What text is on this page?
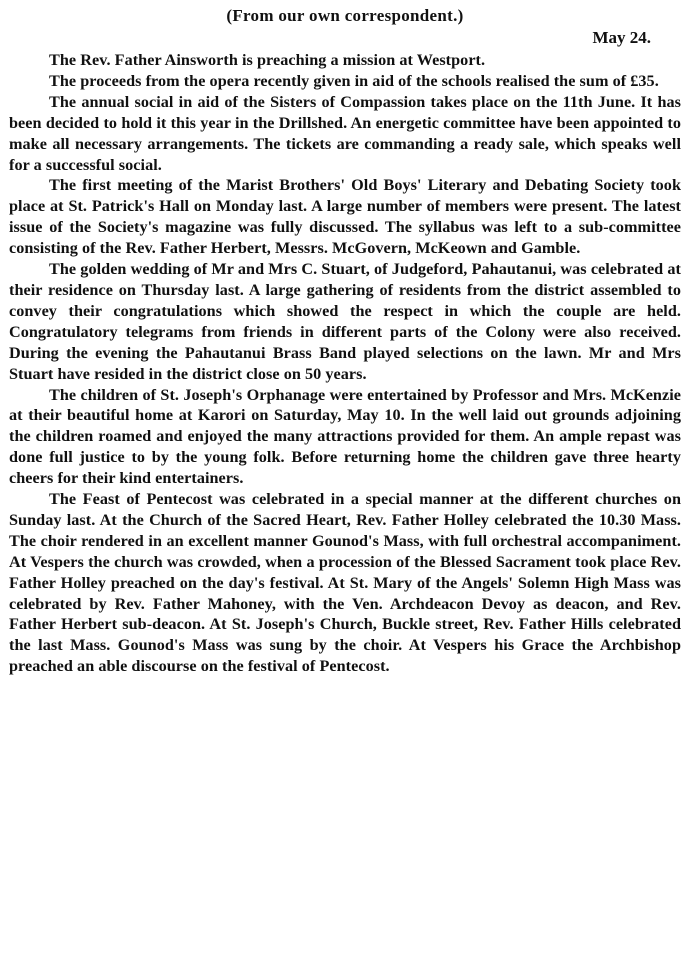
(From our own correspondent.)

May 24.

The Rev. Father Ainsworth is preaching a mission at Westport.

The proceeds from the opera recently given in aid of the schools realised the sum of £35.

The annual social in aid of the Sisters of Compassion takes place on the 11th June. It has been decided to hold it this year in the Drillshed. An energetic committee have been appointed to make all necessary arrangements. The tickets are commanding a ready sale, which speaks well for a successful social.

The first meeting of the Marist Brothers' Old Boys' Literary and Debating Society took place at St. Patrick's Hall on Monday last. A large number of members were present. The latest issue of the Society's magazine was fully discussed. The syllabus was left to a sub-committee consisting of the Rev. Father Herbert, Messrs. McGovern, McKeown and Gamble.

The golden wedding of Mr and Mrs C. Stuart, of Judgeford, Pahautanui, was celebrated at their residence on Thursday last. A large gathering of residents from the district assembled to convey their congratulations which showed the respect in which the couple are held. Congratulatory telegrams from friends in different parts of the Colony were also received. During the evening the Pahautanui Brass Band played selections on the lawn. Mr and Mrs Stuart have resided in the district close on 50 years.

The children of St. Joseph's Orphanage were entertained by Professor and Mrs. McKenzie at their beautiful home at Karori on Saturday, May 10. In the well laid out grounds adjoining the children roamed and enjoyed the many attractions provided for them. An ample repast was done full justice to by the young folk. Before returning home the children gave three hearty cheers for their kind entertainers.

The Feast of Pentecost was celebrated in a special manner at the different churches on Sunday last. At the Church of the Sacred Heart, Rev. Father Holley celebrated the 10.30 Mass. The choir rendered in an excellent manner Gounod's Mass, with full orchestral accompaniment. At Vespers the church was crowded, when a procession of the Blessed Sacrament took place Rev. Father Holley preached on the day's festival. At St. Mary of the Angels' Solemn High Mass was celebrated by Rev. Father Mahoney, with the Ven. Archdeacon Devoy as deacon, and Rev. Father Herbert sub-deacon. At St. Joseph's Church, Buckle street, Rev. Father Hills celebrated the last Mass. Gounod's Mass was sung by the choir. At Vespers his Grace the Archbishop preached an able discourse on the festival of Pentecost.
